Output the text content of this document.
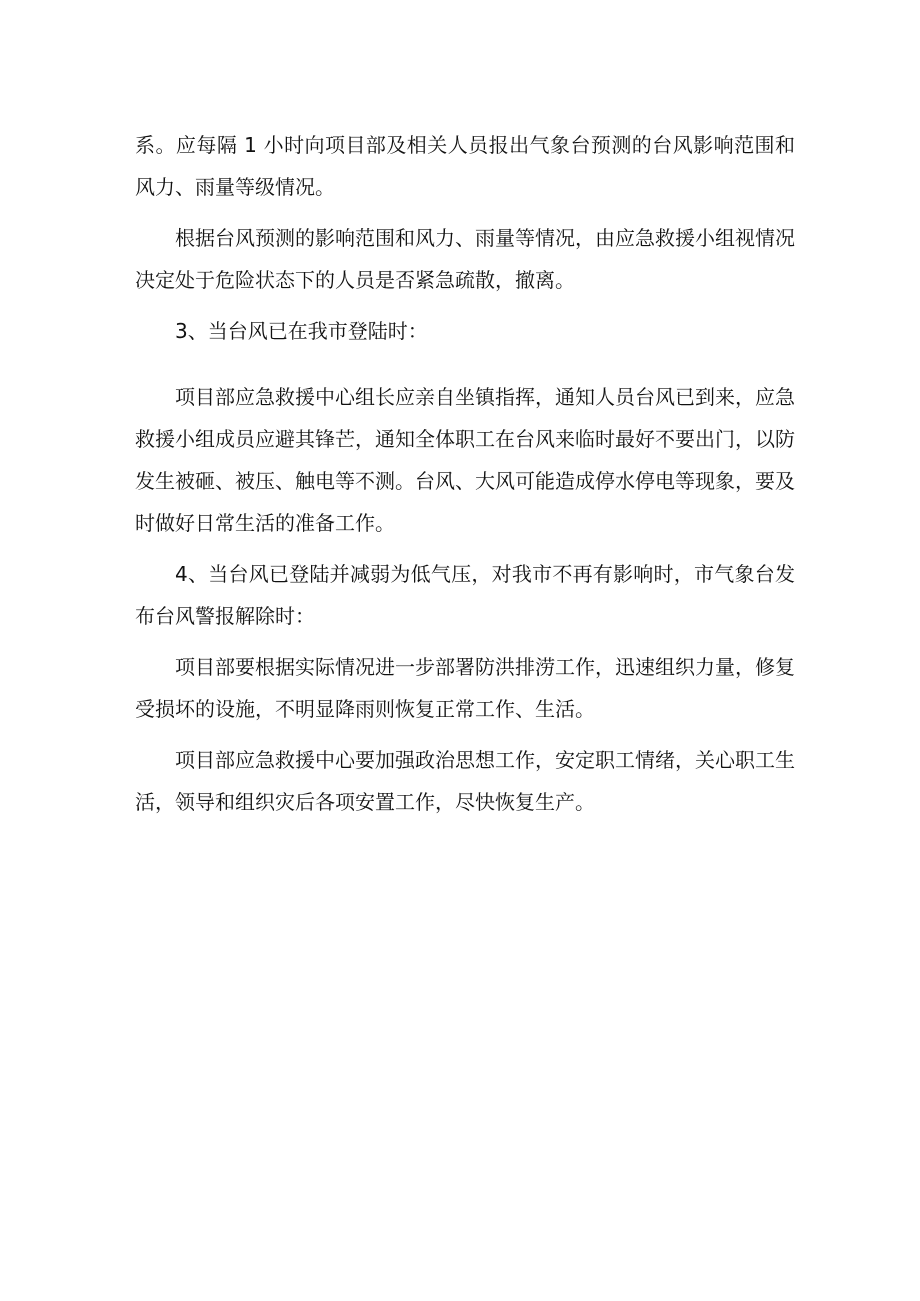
系。应每隔 1 小时向项目部及相关人员报出气象台预测的台风影响范围和风力、雨量等级情况。

根据台风预测的影响范围和风力、雨量等情况，由应急救援小组视情况决定处于危险状态下的人员是否紧急疏散，撤离。

3、当台风已在我市登陆时：

项目部应急救援中心组长应亲自坐镇指挥，通知人员台风已到来，应急救援小组成员应避其锋芒，通知全体职工在台风来临时最好不要出门，以防发生被砸、被压、触电等不测。台风、大风可能造成停水停电等现象，要及时做好日常生活的准备工作。

4、当台风已登陆并减弱为低气压，对我市不再有影响时，市气象台发布台风警报解除时：

项目部要根据实际情况进一步部署防洪排涝工作，迅速组织力量，修复受损坏的设施，不明显降雨则恢复正常工作、生活。

项目部应急救援中心要加强政治思想工作，安定职工情绪，关心职工生活，领导和组织灾后各项安置工作，尽快恢复生产。
